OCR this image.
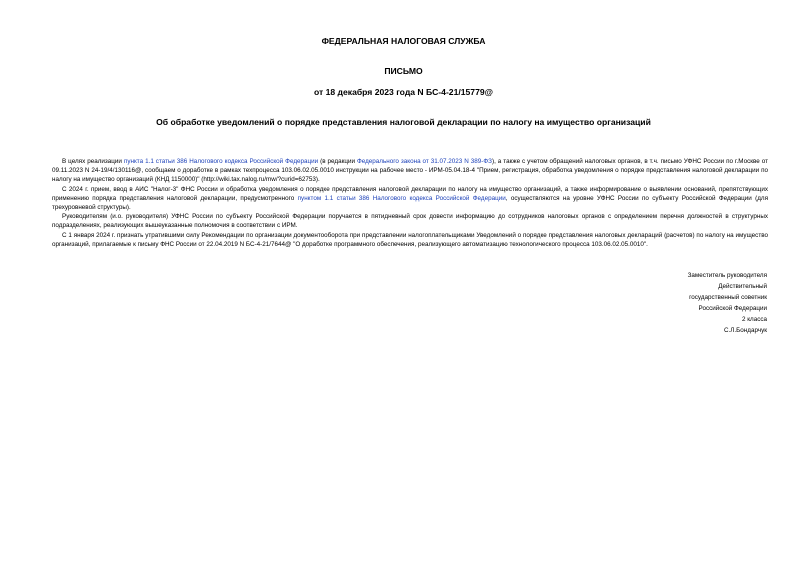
ФЕДЕРАЛЬНАЯ НАЛОГОВАЯ СЛУЖБА
ПИСЬМО
от 18 декабря 2023 года N БС-4-21/15779@
Об обработке уведомлений о порядке представления налоговой декларации по налогу на имущество организаций

В целях реализации пункта 1.1 статьи 386 Налогового кодекса Российской Федерации (в редакции Федерального закона от 31.07.2023 N 389-ФЗ), а также с учетом обращений налоговых органов, в т.ч. письмо УФНС России по г.Москве от 09.11.2023 N 24-19/4/130116@, сообщаем о доработке в рамках техпроцесса 103.06.02.05.0010 инструкции на рабочее место - ИРМ-05.04.18-4 "Прием, регистрация, обработка уведомления о порядке представления налоговой декларации по налогу на имущество организаций (КНД 1150000)" (http://wiki.tax.nalog.ru/mw/?curid=62753).

С 2024 г. прием, ввод в АИС "Налог-3" ФНС России и обработка уведомления о порядке представления налоговой декларации по налогу на имущество организаций, а также информирование о выявлении оснований, препятствующих применению порядка представления налоговой декларации, предусмотренного пунктом 1.1 статьи 386 Налогового кодекса Российской Федерации, осуществляются на уровне УФНС России по субъекту Российской Федерации (для трехуровневой структуры).

Руководителям (и.о. руководителя) УФНС России по субъекту Российской Федерации поручается в пятидневный срок довести информацию до сотрудников налоговых органов с определением перечня должностей в структурных подразделениях, реализующих вышеуказанные полномочия в соответствии с ИРМ.

С 1 января 2024 г. признать утратившими силу Рекомендации по организации документооборота при представлении налогоплательщиками Уведомлений о порядке представления налоговых деклараций (расчетов) по налогу на имущество организаций, прилагаемые к письму ФНС России от 22.04.2019 N БС-4-21/7644@ "О доработке программного обеспечения, реализующего автоматизацию технологического процесса 103.06.02.05.0010".

Заместитель руководителя
Действительный
государственный советник
Российской Федерации
2 класса
С.Л.Бондарчук
